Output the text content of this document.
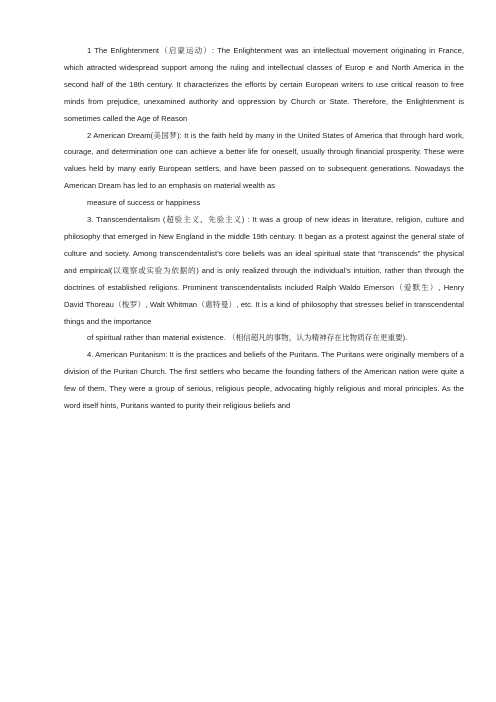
1 The Enlightenment（启蒙运动）: The Enlightenment was an intellectual movement originating in France, which attracted widespread support among the ruling and intellectual classes of Europ e and North America in the second half of the 18th century. It characterizes the efforts by certain European writers to use critical reason to free minds from prejudice, unexamined authority and oppression by Church or State. Therefore, the Enlightenment is sometimes called the Age of Reason

2 American Dream(美国梦): It is the faith held by many in the United States of America that through hard work, courage, and determination one can achieve a better life for oneself, usually through financial prosperity. These were values held by many early European settlers, and have been passed on to subsequent generations. Nowadays the American Dream has led to an emphasis on material wealth as
measure of success or happiness

3. Transcendentalism (超验主义、先验主义) : It was a group of new ideas in literature, religion, culture and philosophy that emerged in New England in the middle 19th century. It began as a protest against the general state of culture and society. Among transcendentalist’s core beliefs was an ideal spiritual state that “transcends” the physical and empirical(以观察或实验为依据的) and is only realized through the individual’s intuition, rather than through the doctrines of established religions. Prominent transcendentalists included Ralph Waldo Emerson（爱默生）, Henry David Thoreau（梭罗）, Walt Whitman（惠特曼）, etc. It is a kind of philosophy that stresses belief in transcendental things and the importance
of spiritual rather than material existence. （相信超凡的事物，认为精神存在比物质存在更重要).

4. American Puritanism: It is the practices and beliefs of the Puritans. The Puritans were originally members of a division of the Puritan Church. The first settlers who became the founding fathers of the American nation were quite a few of them. They were a group of serious, religious people, advocating highly religious and moral principles. As the word itself hints, Puritans wanted to purity their religious beliefs and
